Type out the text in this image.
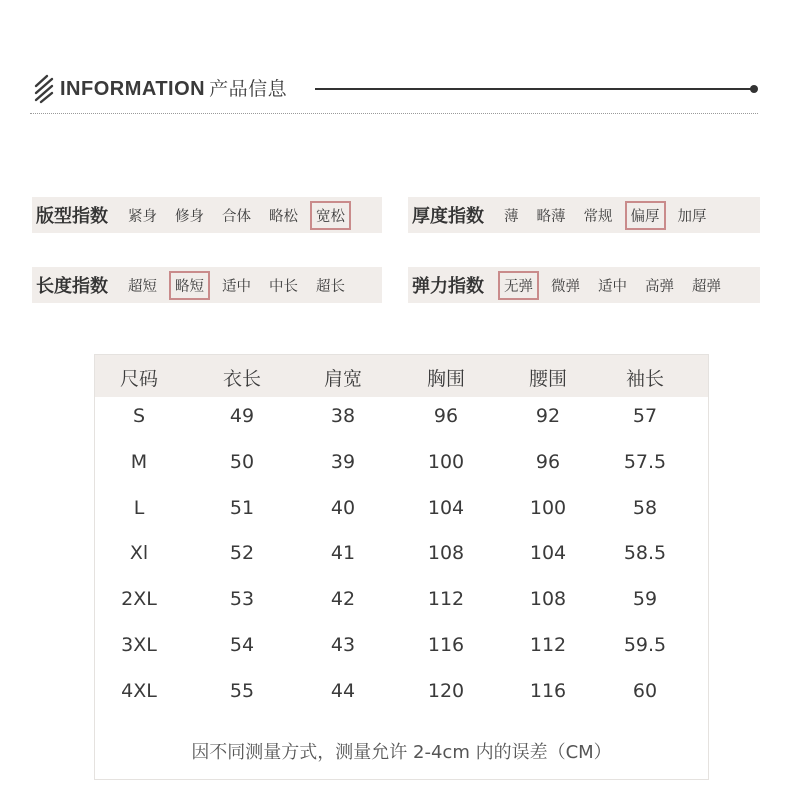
INFORMATION 产品信息
版型指数	紧身	修身	合体	略松	宽松	厚度指数	薄	略薄	常规	偏厚	加厚
长度指数	超短	略短	适中	中长	超长	弹力指数	无弹	微弹	适中	高弹	超弹
尺码	衣长	肩宽	胸围	腰围	袖长
S	49	38	96	92	57
M	50	39	100	96	57.5
L	51	40	104	100	58
Xl	52	41	108	104	58.5
2XL	53	42	112	108	59
3XL	54	43	116	112	59.5
4XL	55	44	120	116	60
因不同测量方式，测量允许 2-4cm 内的误差（CM）
